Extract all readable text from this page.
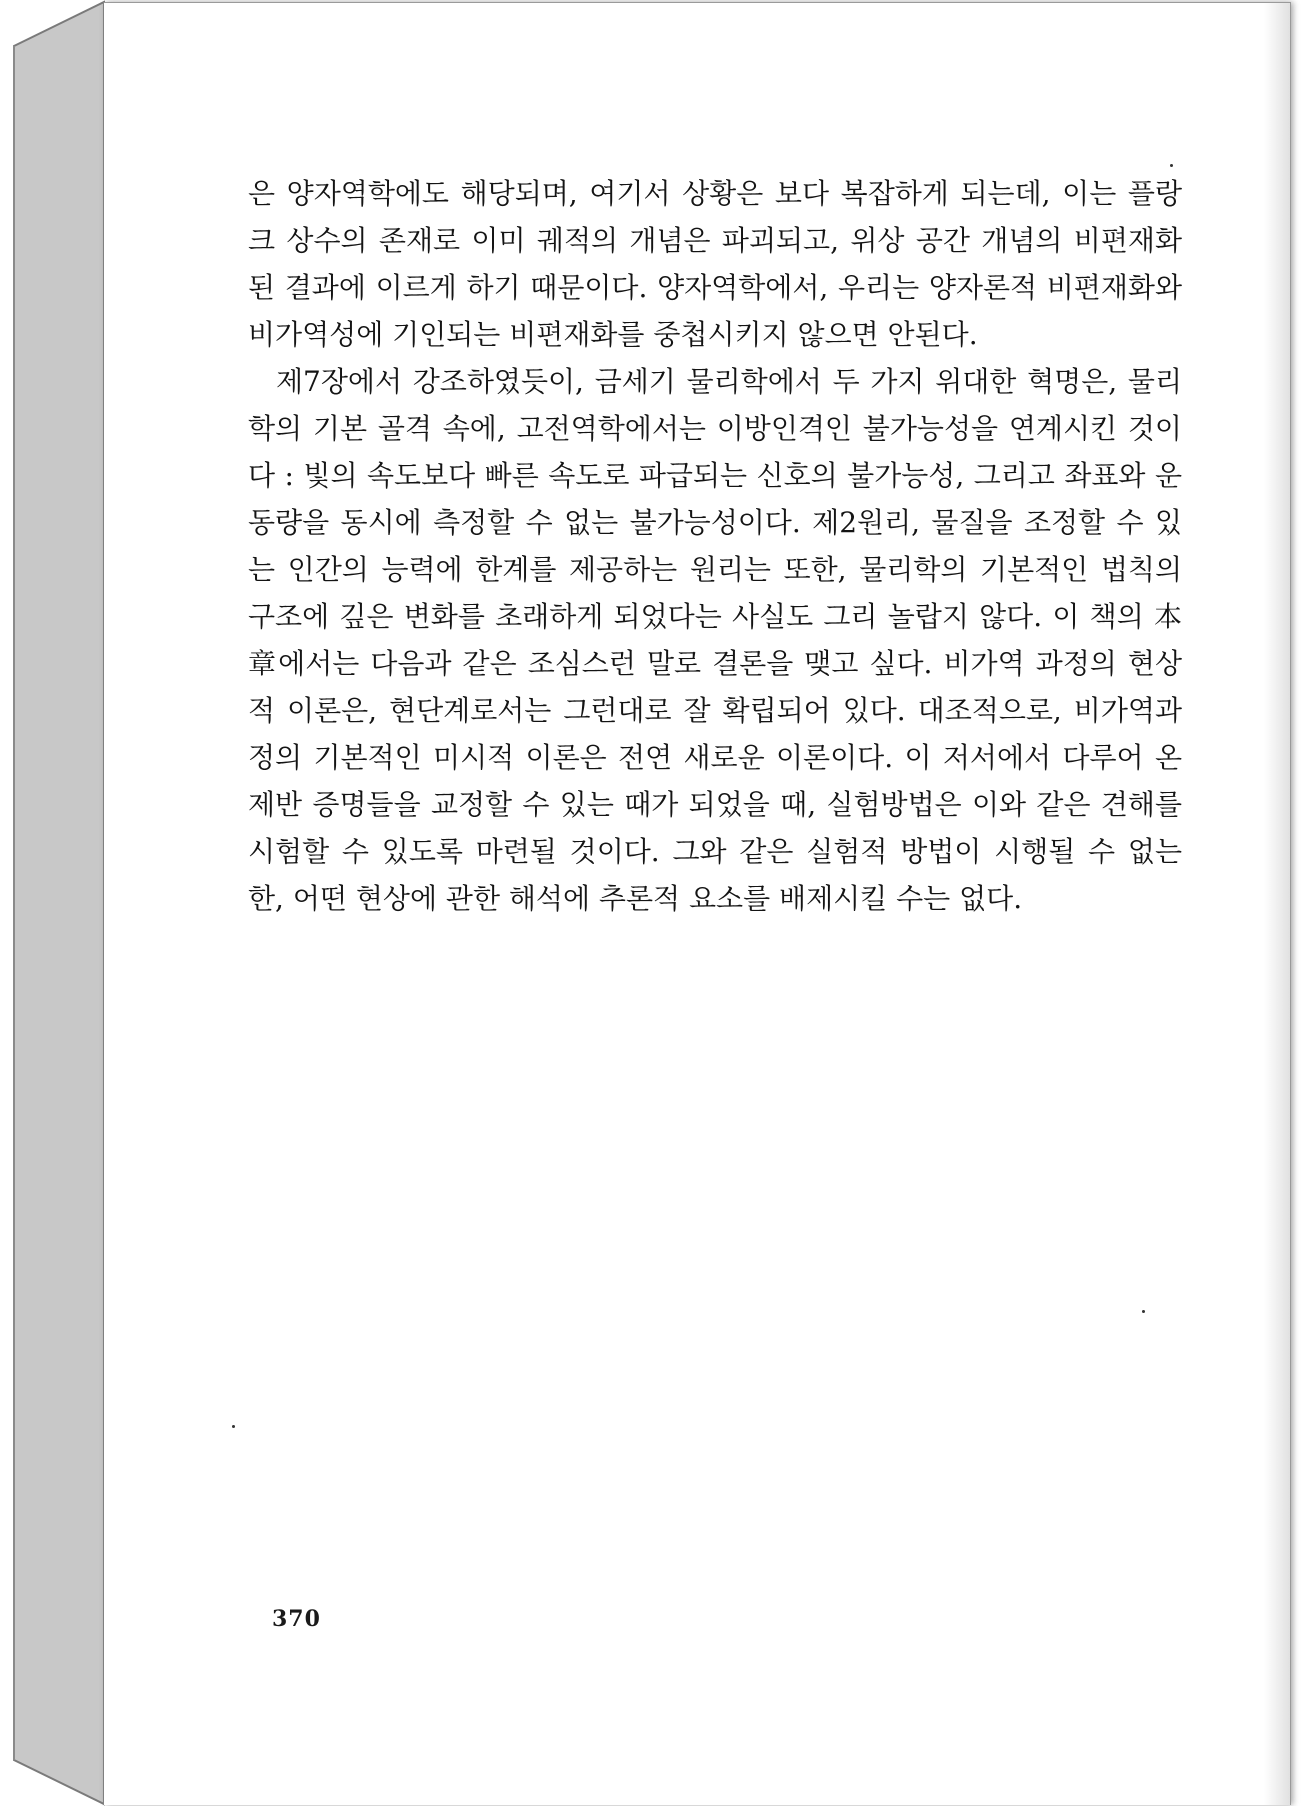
은 양자역학에도 해당되며, 여기서 상황은 보다 복잡하게 되는데, 이는 플랑크 상수의 존재로 이미 궤적의 개념은 파괴되고, 위상 공간 개념의 비편재화된 결과에 이르게 하기 때문이다. 양자역학에서, 우리는 양자론적 비편재화와 비가역성에 기인되는 비편재화를 중첩시키지 않으면 안된다.

제7장에서 강조하였듯이, 금세기 물리학에서 두 가지 위대한 혁명은, 물리학의 기본 골격 속에, 고전역학에서는 이방인격인 불가능성을 연계시킨 것이다 : 빛의 속도보다 빠른 속도로 파급되는 신호의 불가능성, 그리고 좌표와 운동량을 동시에 측정할 수 없는 불가능성이다. 제2원리, 물질을 조정할 수 있는 인간의 능력에 한계를 제공하는 원리는 또한, 물리학의 기본적인 법칙의 구조에 깊은 변화를 초래하게 되었다는 사실도 그리 놀랍지 않다. 이 책의 本章에서는 다음과 같은 조심스런 말로 결론을 맺고 싶다. 비가역 과정의 현상적 이론은, 현단계로서는 그런대로 잘 확립되어 있다. 대조적으로, 비가역과정의 기본적인 미시적 이론은 전연 새로운 이론이다. 이 저서에서 다루어 온 제반 증명들을 교정할 수 있는 때가 되었을 때, 실험방법은 이와 같은 견해를 시험할 수 있도록 마련될 것이다. 그와 같은 실험적 방법이 시행될 수 없는 한, 어떤 현상에 관한 해석에 추론적 요소를 배제시킬 수는 없다.

370
